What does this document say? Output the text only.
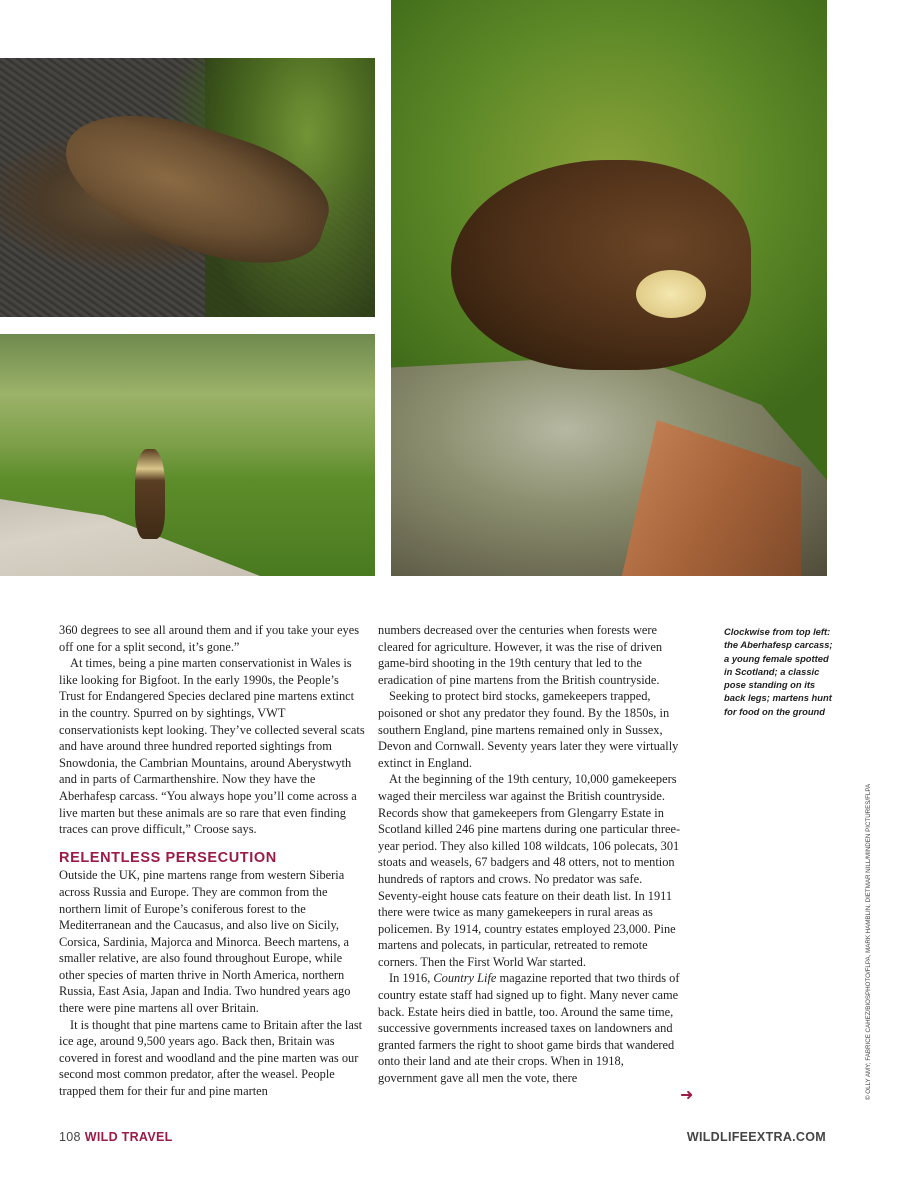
360 degrees to see all around them and if you take your eyes off one for a split second, it’s gone.”

At times, being a pine marten conservationist in Wales is like looking for Bigfoot. In the early 1990s, the People’s Trust for Endangered Species declared pine martens extinct in the country. Spurred on by sightings, VWT conservationists kept looking. They’ve collected several scats and have around three hundred reported sightings from Snowdonia, the Cambrian Mountains, around Aberystwyth and in parts of Carmarthenshire. Now they have the Aberhafesp carcass. “You always hope you’ll come across a live marten but these animals are so rare that even finding traces can prove difficult,” Croose says.

RELENTLESS PERSECUTION

Outside the UK, pine martens range from western Siberia across Russia and Europe. They are common from the northern limit of Europe’s coniferous forest to the Mediterranean and the Caucasus, and also live on Sicily, Corsica, Sardinia, Majorca and Minorca. Beech martens, a smaller relative, are also found throughout Europe, while other species of marten thrive in North America, northern Russia, East Asia, Japan and India. Two hundred years ago there were pine martens all over Britain.

It is thought that pine martens came to Britain after the last ice age, around 9,500 years ago. Back then, Britain was covered in forest and woodland and the pine marten was our second most common predator, after the weasel. People trapped them for their fur and pine marten

numbers decreased over the centuries when forests were cleared for agriculture. However, it was the rise of driven game-bird shooting in the 19th century that led to the eradication of pine martens from the British countryside.

Seeking to protect bird stocks, gamekeepers trapped, poisoned or shot any predator they found. By the 1850s, in southern England, pine martens remained only in Sussex, Devon and Cornwall. Seventy years later they were virtually extinct in England.

At the beginning of the 19th century, 10,000 gamekeepers waged their merciless war against the British countryside. Records show that gamekeepers from Glengarry Estate in Scotland killed 246 pine martens during one particular three-year period. They also killed 108 wildcats, 106 polecats, 301 stoats and weasels, 67 badgers and 48 otters, not to mention hundreds of raptors and crows. No predator was safe. Seventy-eight house cats feature on their death list. In 1911 there were twice as many gamekeepers in rural areas as policemen. By 1914, country estates employed 23,000. Pine martens and polecats, in particular, retreated to remote corners. Then the First World War started.

In 1916, Country Life magazine reported that two thirds of country estate staff had signed up to fight. Many never came back. Estate heirs died in battle, too. Around the same time, successive governments increased taxes on landowners and granted farmers the right to shoot game birds that wandered onto their land and ate their crops. When in 1918, government gave all men the vote, there

➜
Clockwise from top left: the Aberhafesp carcass; a young female spotted in Scotland; a classic pose standing on its back legs; martens hunt for food on the ground
© OLLY AMY; FABRICE CAHEZ/BIOSPHOTO/FLPA, MARK HAMBLIN, DIETMAR NILL/MINDEN PICTURES/FLPA
108 WILD TRAVEL	WILDLIFEEXTRA.COM
